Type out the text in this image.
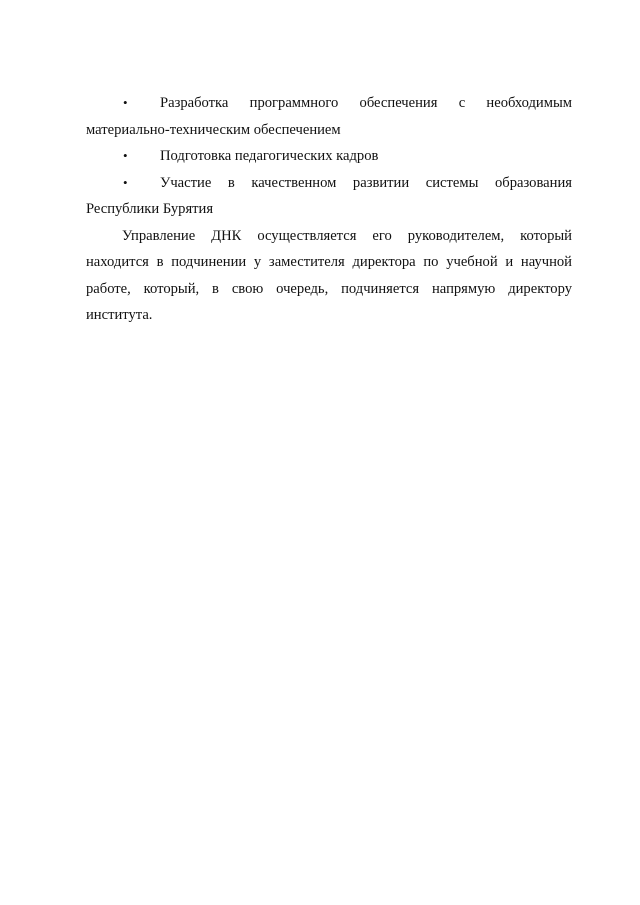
• Разработка программного обеспечения с необходимым материально-техническим обеспечением

• Подготовка педагогических кадров

• Участие в качественном развитии системы образования Республики Бурятия

Управление ДНК осуществляется его руководителем, который находится в подчинении у заместителя директора по учебной и научной работе, который, в свою очередь, подчиняется напрямую директору института.
